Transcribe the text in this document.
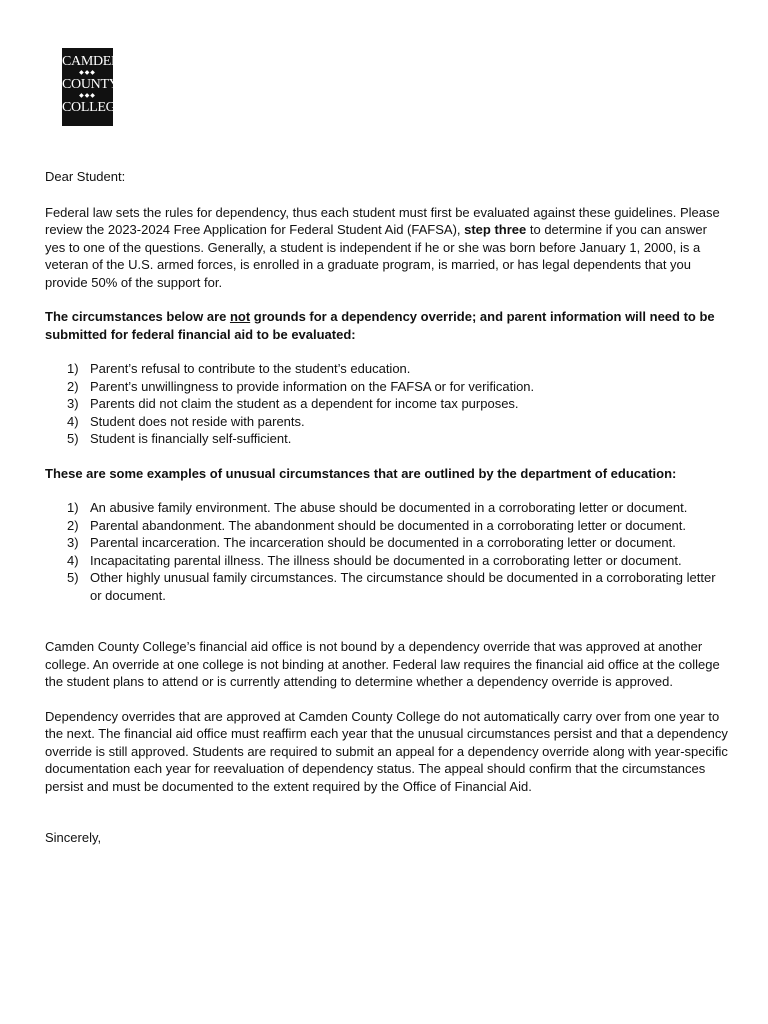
CAMDEN
◆◆◆
COUNTY
◆◆◆
COLLEGE

Dear Student:

Federal law sets the rules for dependency, thus each student must first be evaluated against these guidelines. Please review the 2023-2024 Free Application for Federal Student Aid (FAFSA), step three to determine if you can answer yes to one of the questions. Generally, a student is independent if he or she was born before January 1, 2000, is a veteran of the U.S. armed forces, is enrolled in a graduate program, is married, or has legal dependents that you provide 50% of the support for.

The circumstances below are not grounds for a dependency override; and parent information will need to be submitted for federal financial aid to be evaluated:

1) Parent’s refusal to contribute to the student’s education.
2) Parent’s unwillingness to provide information on the FAFSA or for verification.
3) Parents did not claim the student as a dependent for income tax purposes.
4) Student does not reside with parents.
5) Student is financially self-sufficient.

These are some examples of unusual circumstances that are outlined by the department of education:

1) An abusive family environment. The abuse should be documented in a corroborating letter or document.
2) Parental abandonment. The abandonment should be documented in a corroborating letter or document.
3) Parental incarceration. The incarceration should be documented in a corroborating letter or document.
4) Incapacitating parental illness. The illness should be documented in a corroborating letter or document.
5) Other highly unusual family circumstances. The circumstance should be documented in a corroborating letter or document.

Camden County College’s financial aid office is not bound by a dependency override that was approved at another college. An override at one college is not binding at another. Federal law requires the financial aid office at the college the student plans to attend or is currently attending to determine whether a dependency override is approved.

Dependency overrides that are approved at Camden County College do not automatically carry over from one year to the next. The financial aid office must reaffirm each year that the unusual circumstances persist and that a dependency override is still approved. Students are required to submit an appeal for a dependency override along with year-specific documentation each year for reevaluation of dependency status. The appeal should confirm that the circumstances persist and must be documented to the extent required by the Office of Financial Aid.

Sincerely,
